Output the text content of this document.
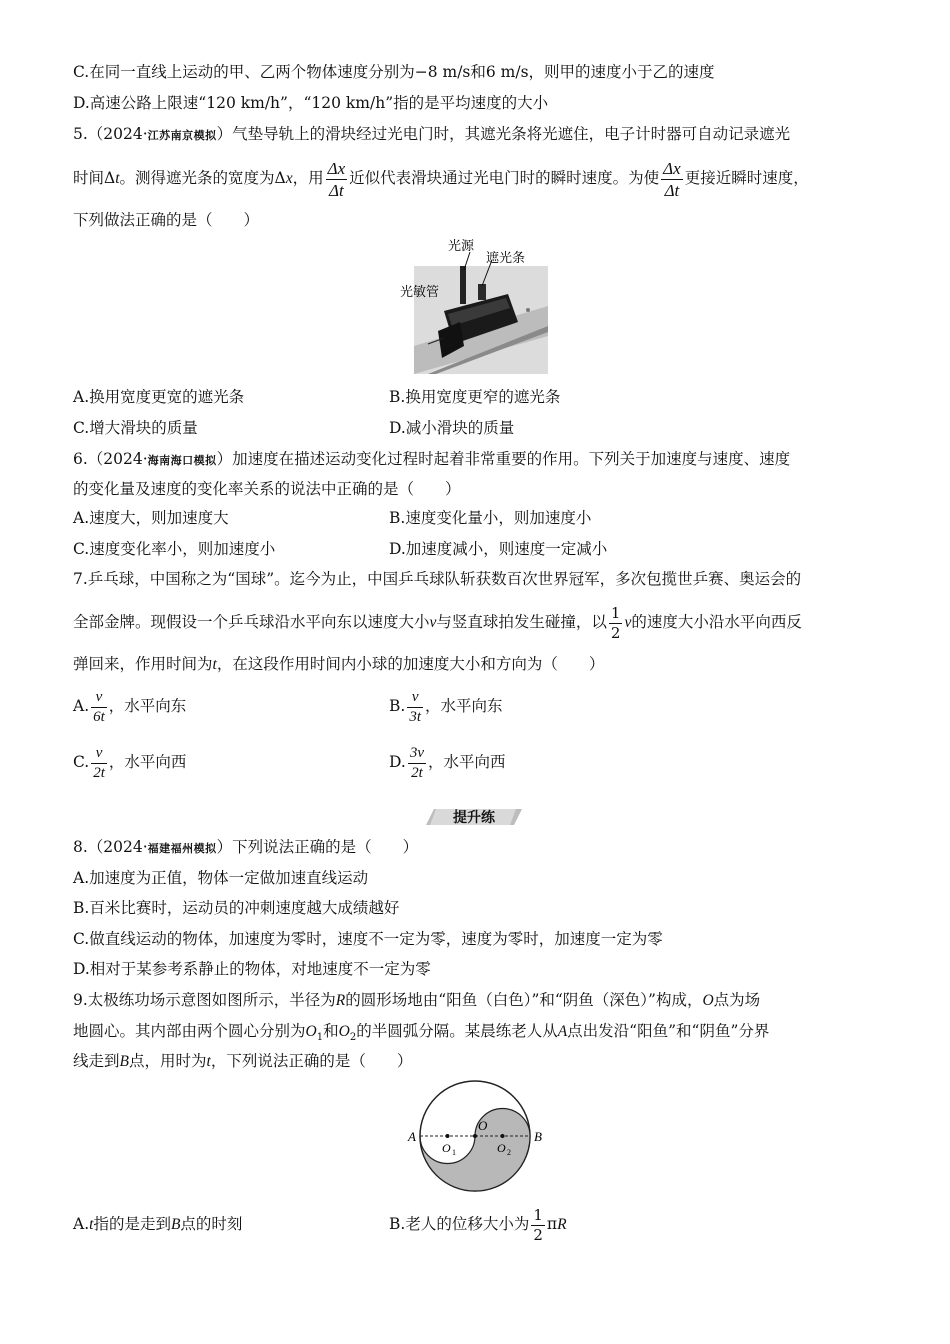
C.在同一直线上运动的甲、乙两个物体速度分别为−8 m/s和6 m/s，则甲的速度小于乙的速度
D.高速公路上限速“120 km/h”，“120 km/h”指的是平均速度的大小
5.（2024·江苏南京模拟）气垫导轨上的滑块经过光电门时，其遮光条将光遮住，电子计时器可自动记录遮光
时间Δt。测得遮光条的宽度为Δx，用 $\frac{\Delta x}{\Delta t}$ 近似代表滑块通过光电门时的瞬时速度。为使 $\frac{\Delta x}{\Delta t}$ 更接近瞬时速度，
下列做法正确的是（　　）
光源
遮光条
光敏管
A.换用宽度更宽的遮光条	B.换用宽度更窄的遮光条
C.增大滑块的质量	D.减小滑块的质量
6.（2024·海南海口模拟）加速度在描述运动变化过程时起着非常重要的作用。下列关于加速度与速度、速度
的变化量及速度的变化率关系的说法中正确的是（　　）
A.速度大，则加速度大	B.速度变化量小，则加速度小
C.速度变化率小，则加速度小	D.加速度减小，则速度一定减小
7.乒乓球，中国称之为“国球”。迄今为止，中国乒乓球队斩获数百次世界冠军，多次包揽世乒赛、奥运会的
全部金牌。现假设一个乒乓球沿水平向东以速度大小v与竖直球拍发生碰撞，以 $\frac{1}{2}$ v的速度大小沿水平向西反
弹回来，作用时间为t，在这段作用时间内小球的加速度大小和方向为（　　）
A. $\frac{v}{6t}$ ，水平向东	B. $\frac{v}{3t}$ ，水平向东
C. $\frac{v}{2t}$ ，水平向西	D. $\frac{3v}{2t}$ ，水平向西
提升练
8.（2024·福建福州模拟）下列说法正确的是（　　）
A.加速度为正值，物体一定做加速直线运动
B.百米比赛时，运动员的冲刺速度越大成绩越好
C.做直线运动的物体，加速度为零时，速度不一定为零，速度为零时，加速度一定为零
D.相对于某参考系静止的物体，对地速度不一定为零
9.太极练功场示意图如图所示，半径为R的圆形场地由“阳鱼（白色）”和“阴鱼（深色）”构成，O点为场
地圆心。其内部由两个圆心分别为$O_1$和$O_2$的半圆弧分隔。某晨练老人从A点出发沿“阳鱼”和“阴鱼”分界
线走到B点，用时为t，下列说法正确的是（　　）
A	B
O
O 1	O 2
A.t指的是走到B点的时刻	B.老人的位移大小为 $\frac{1}{2}$ πR
